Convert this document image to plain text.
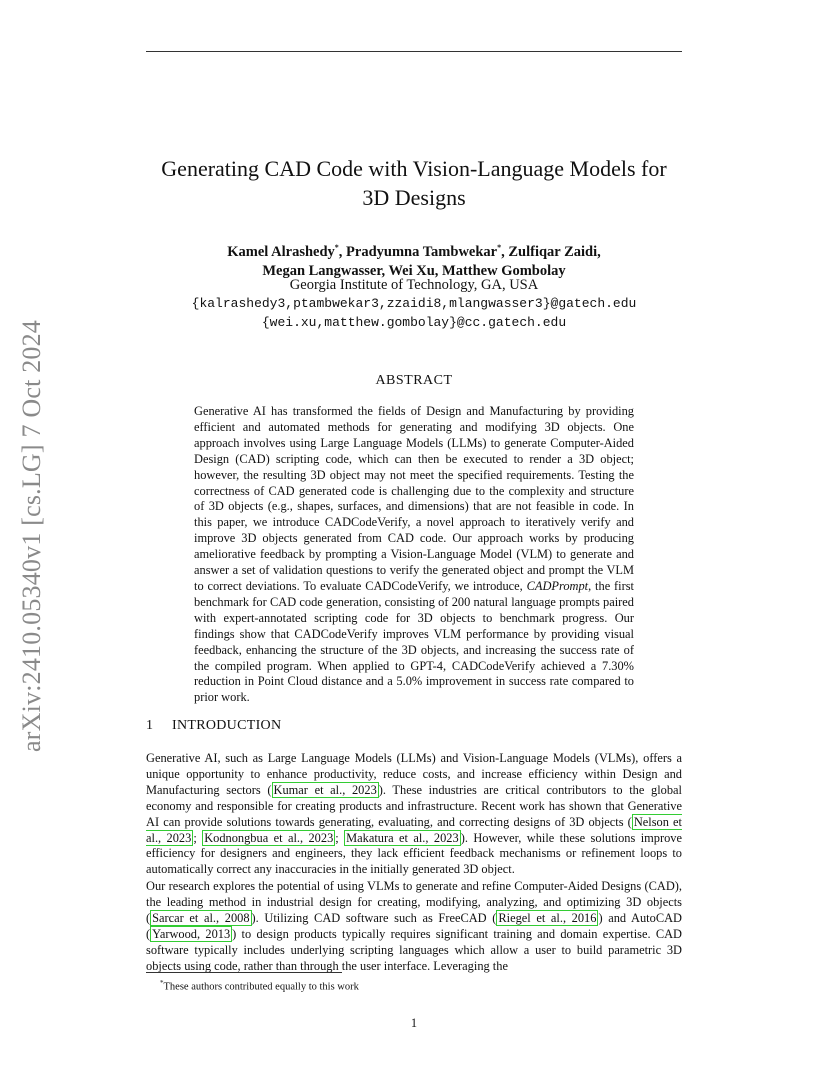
arXiv:2410.05340v1 [cs.LG] 7 Oct 2024
Generating CAD Code with Vision-Language Models for
3D Designs
Kamel Alrashedy*, Pradyumna Tambwekar*, Zulfiqar Zaidi,
Megan Langwasser, Wei Xu, Matthew Gombolay
Georgia Institute of Technology, GA, USA
{kalrashedy3,ptambwekar3,zzaidi8,mlangwasser3}@gatech.edu
{wei.xu,matthew.gombolay}@cc.gatech.edu
ABSTRACT
Generative AI has transformed the fields of Design and Manufacturing by providing efficient and automated methods for generating and modifying 3D objects. One approach involves using Large Language Models (LLMs) to generate Computer-Aided Design (CAD) scripting code, which can then be executed to render a 3D object; however, the resulting 3D object may not meet the specified requirements. Testing the correctness of CAD generated code is challenging due to the complexity and structure of 3D objects (e.g., shapes, surfaces, and dimensions) that are not feasible in code. In this paper, we introduce CADCodeVerify, a novel approach to iteratively verify and improve 3D objects generated from CAD code. Our approach works by producing ameliorative feedback by prompting a Vision-Language Model (VLM) to generate and answer a set of validation questions to verify the generated object and prompt the VLM to correct deviations. To evaluate CADCodeVerify, we introduce, CADPrompt, the first benchmark for CAD code generation, consisting of 200 natural language prompts paired with expert-annotated scripting code for 3D objects to benchmark progress. Our findings show that CADCodeVerify improves VLM performance by providing visual feedback, enhancing the structure of the 3D objects, and increasing the success rate of the compiled program. When applied to GPT-4, CADCodeVerify achieved a 7.30% reduction in Point Cloud distance and a 5.0% improvement in success rate compared to prior work.
1 INTRODUCTION
Generative AI, such as Large Language Models (LLMs) and Vision-Language Models (VLMs), offers a unique opportunity to enhance productivity, reduce costs, and increase efficiency within Design and Manufacturing sectors ( Kumar et al., 2023 ). These industries are critical contributors to the global economy and responsible for creating products and infrastructure. Recent work has shown that Generative AI can provide solutions towards generating, evaluating, and correcting designs of 3D objects ( Nelson et al., 2023 ; Kodnongbua et al., 2023 ; Makatura et al., 2023 ). However, while these solutions improve efficiency for designers and engineers, they lack efficient feedback mechanisms or refinement loops to automatically correct any inaccuracies in the initially generated 3D object.
Our research explores the potential of using VLMs to generate and refine Computer-Aided Designs (CAD), the leading method in industrial design for creating, modifying, analyzing, and optimizing 3D objects ( Sarcar et al., 2008 ). Utilizing CAD software such as FreeCAD ( Riegel et al., 2016 ) and AutoCAD ( Yarwood, 2013 ) to design products typically requires significant training and domain expertise. CAD software typically includes underlying scripting languages which allow a user to build parametric 3D objects using code, rather than through the user interface. Leveraging the
*These authors contributed equally to this work
1
